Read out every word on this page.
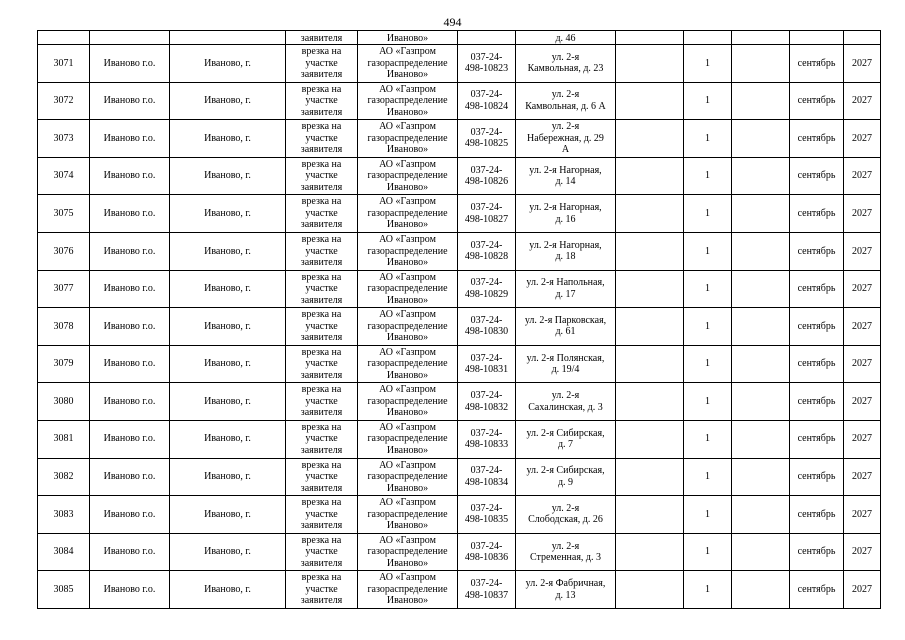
494
			заявителя	Иваново»		д. 46					
3071	Иваново г.о.	Иваново, г.	врезка на
участке
заявителя	АО «Газпром
газораспределение
Иваново»	037-24-
498-10823	ул. 2-я
Камвольная, д. 23		1		сентябрь	2027
3072	Иваново г.о.	Иваново, г.	врезка на
участке
заявителя	АО «Газпром
газораспределение
Иваново»	037-24-
498-10824	ул. 2-я
Камвольная, д. 6 А		1		сентябрь	2027
3073	Иваново г.о.	Иваново, г.	врезка на
участке
заявителя	АО «Газпром
газораспределение
Иваново»	037-24-
498-10825	ул. 2-я
Набережная, д. 29
А		1		сентябрь	2027
3074	Иваново г.о.	Иваново, г.	врезка на
участке
заявителя	АО «Газпром
газораспределение
Иваново»	037-24-
498-10826	ул. 2-я Нагорная,
д. 14		1		сентябрь	2027
3075	Иваново г.о.	Иваново, г.	врезка на
участке
заявителя	АО «Газпром
газораспределение
Иваново»	037-24-
498-10827	ул. 2-я Нагорная,
д. 16		1		сентябрь	2027
3076	Иваново г.о.	Иваново, г.	врезка на
участке
заявителя	АО «Газпром
газораспределение
Иваново»	037-24-
498-10828	ул. 2-я Нагорная,
д. 18		1		сентябрь	2027
3077	Иваново г.о.	Иваново, г.	врезка на
участке
заявителя	АО «Газпром
газораспределение
Иваново»	037-24-
498-10829	ул. 2-я Напольная,
д. 17		1		сентябрь	2027
3078	Иваново г.о.	Иваново, г.	врезка на
участке
заявителя	АО «Газпром
газораспределение
Иваново»	037-24-
498-10830	ул. 2-я Парковская,
д. 61		1		сентябрь	2027
3079	Иваново г.о.	Иваново, г.	врезка на
участке
заявителя	АО «Газпром
газораспределение
Иваново»	037-24-
498-10831	ул. 2-я Полянская,
д. 19/4		1		сентябрь	2027
3080	Иваново г.о.	Иваново, г.	врезка на
участке
заявителя	АО «Газпром
газораспределение
Иваново»	037-24-
498-10832	ул. 2-я
Сахалинская, д. 3		1		сентябрь	2027
3081	Иваново г.о.	Иваново, г.	врезка на
участке
заявителя	АО «Газпром
газораспределение
Иваново»	037-24-
498-10833	ул. 2-я Сибирская,
д. 7		1		сентябрь	2027
3082	Иваново г.о.	Иваново, г.	врезка на
участке
заявителя	АО «Газпром
газораспределение
Иваново»	037-24-
498-10834	ул. 2-я Сибирская,
д. 9		1		сентябрь	2027
3083	Иваново г.о.	Иваново, г.	врезка на
участке
заявителя	АО «Газпром
газораспределение
Иваново»	037-24-
498-10835	ул. 2-я
Слободская, д. 26		1		сентябрь	2027
3084	Иваново г.о.	Иваново, г.	врезка на
участке
заявителя	АО «Газпром
газораспределение
Иваново»	037-24-
498-10836	ул. 2-я
Стременная, д. 3		1		сентябрь	2027
3085	Иваново г.о.	Иваново, г.	врезка на
участке
заявителя	АО «Газпром
газораспределение
Иваново»	037-24-
498-10837	ул. 2-я Фабричная,
д. 13		1		сентябрь	2027
